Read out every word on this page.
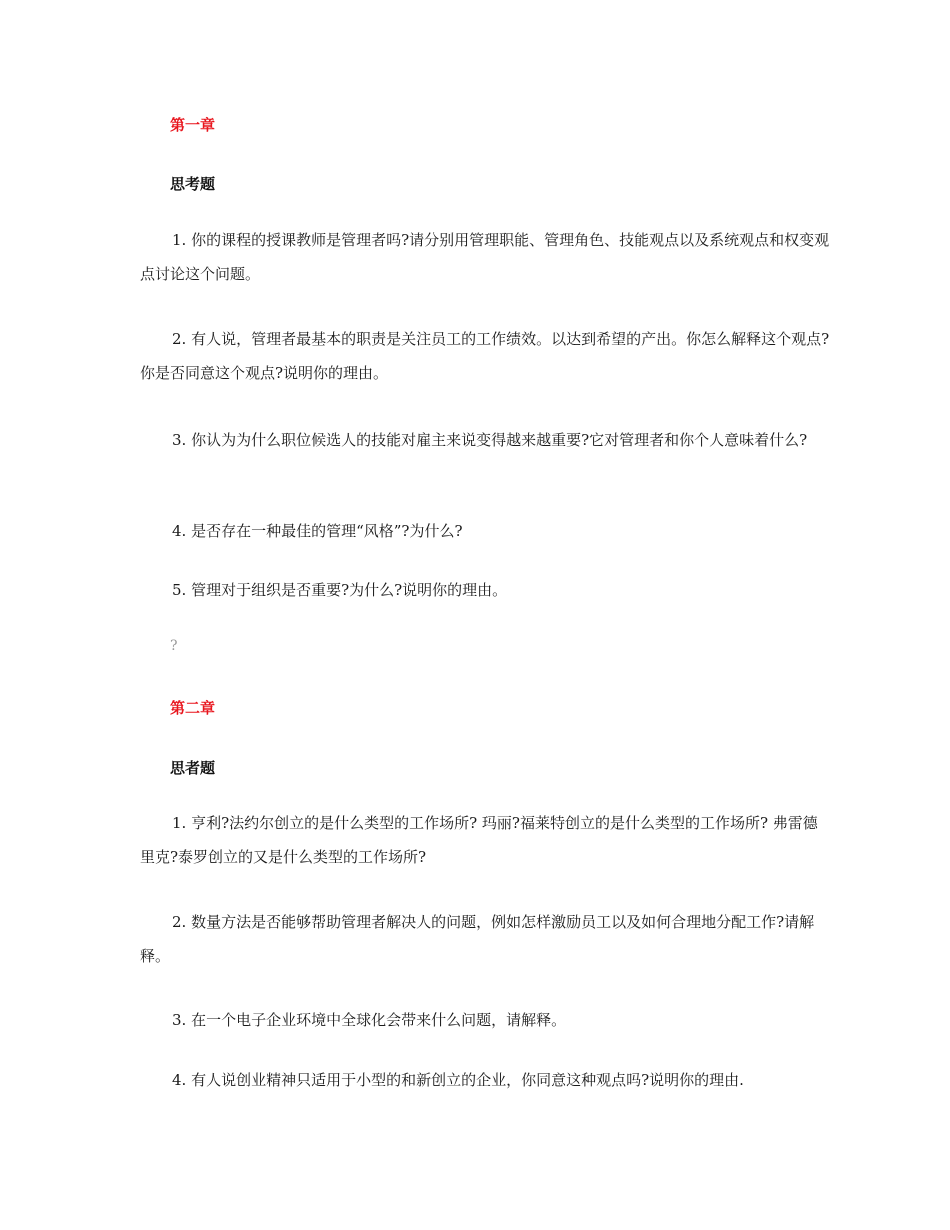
第一章

思考题

1. 你的课程的授课教师是管理者吗?请分别用管理职能、管理角色、技能观点以及系统观点和权变观点讨论这个问题。

2. 有人说，管理者最基本的职责是关注员工的工作绩效。以达到希望的产出。你怎么解释这个观点?你是否同意这个观点?说明你的理由。

3. 你认为为什么职位候选人的技能对雇主来说变得越来越重要?它对管理者和你个人意味着什么?

4. 是否存在一种最佳的管理“风格”?为什么?

5. 管理对于组织是否重要?为什么?说明你的理由。

?

第二章

思者题

1. 亨利?法约尔创立的是什么类型的工作场所? 玛丽?福莱特创立的是什么类型的工作场所? 弗雷德里克?泰罗创立的又是什么类型的工作场所?

2. 数量方法是否能够帮助管理者解决人的问题，例如怎样激励员工以及如何合理地分配工作?请解释。

3. 在一个电子企业环境中全球化会带来什么问题，请解释。

4. 有人说创业精神只适用于小型的和新创立的企业，你同意这种观点吗?说明你的理由.
